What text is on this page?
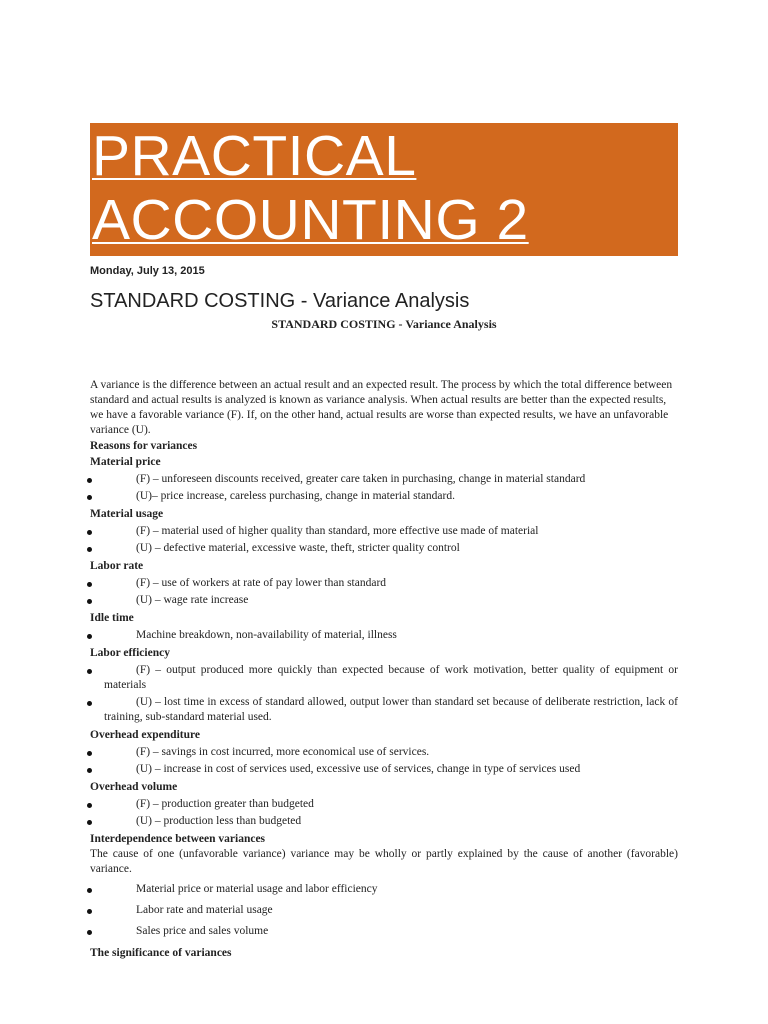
PRACTICAL
ACCOUNTING 2
Monday, July 13, 2015
STANDARD COSTING - Variance Analysis
STANDARD COSTING - Variance Analysis

A variance is the difference between an actual result and an expected result. The process by which the total difference between standard and actual results is analyzed is known as variance analysis. When actual results are better than the expected results, we have a favorable variance (F). If, on the other hand, actual results are worse than expected results, we have an unfavorable variance (U).

Reasons for variances

Material price

(F) – unforeseen discounts received, greater care taken in purchasing, change in material standard
(U)– price increase, careless purchasing, change in material standard.

Material usage

(F) – material used of higher quality than standard, more effective use made of material
(U) – defective material, excessive waste, theft, stricter quality control

Labor rate

(F) – use of workers at rate of pay lower than standard
(U) – wage rate increase

Idle time

Machine breakdown, non-availability of material, illness

Labor efficiency

(F) – output produced more quickly than expected because of work motivation, better quality of equipment or materials
(U) – lost time in excess of standard allowed, output lower than standard set because of deliberate restriction, lack of training, sub-standard material used.

Overhead expenditure

(F) – savings in cost incurred, more economical use of services.
(U) – increase in cost of services used, excessive use of services, change in type of services used

Overhead volume

(F) – production greater than budgeted
(U) – production less than budgeted

Interdependence between variances

The cause of one (unfavorable variance) variance may be wholly or partly explained by the cause of another (favorable) variance.

Material price or material usage and labor efficiency
Labor rate and material usage
Sales price and sales volume

The significance of variances
